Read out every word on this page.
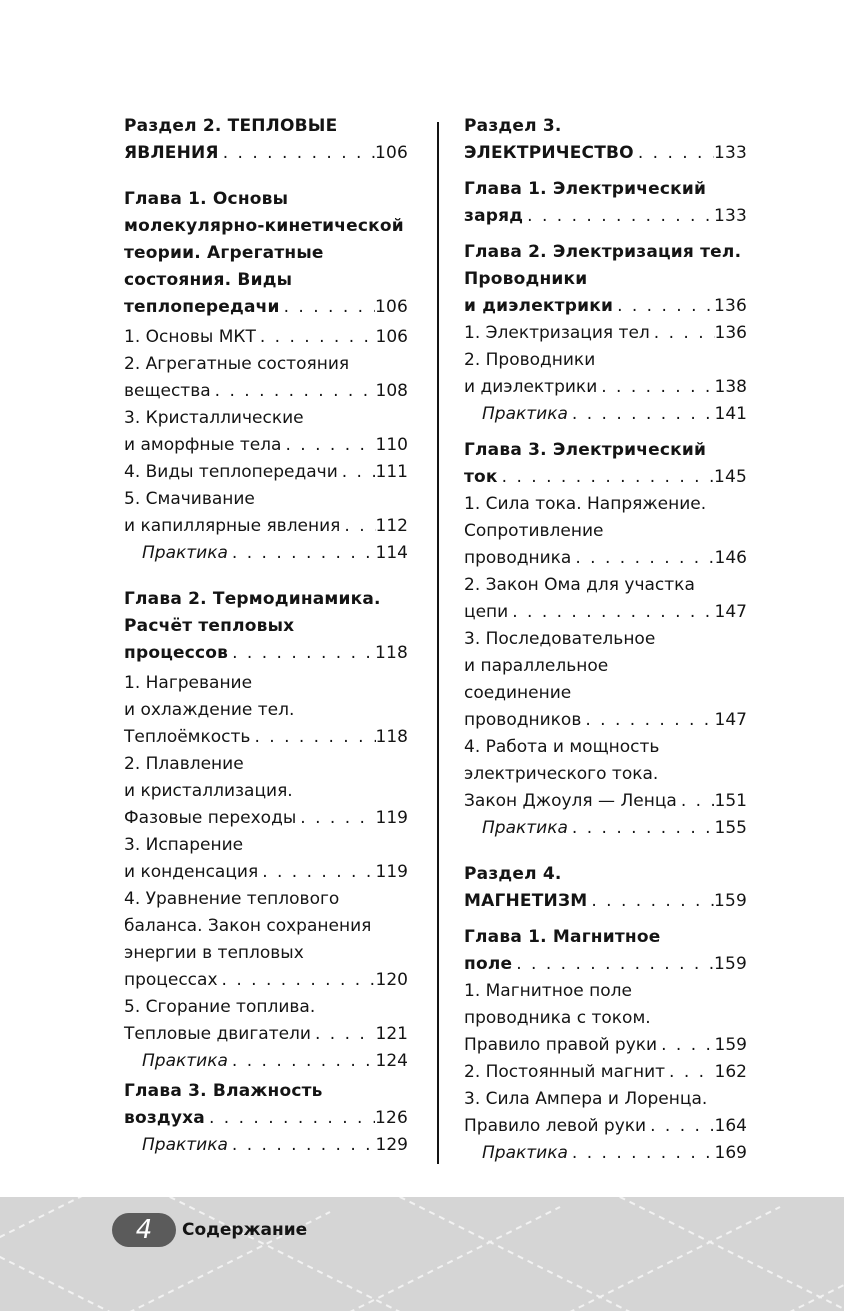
Раздел 2. ТЕПЛОВЫЕ
ЯВЛЕНИЯ . . .	106
Глава 1. Основы
молекулярно-кинетической
теории. Агрегатные
состояния. Виды
теплопередачи . . .	106
1. Основы МКТ . . .	106
2. Агрегатные состояния
вещества . . .	108
3. Кристаллические
и аморфные тела . . .	110
4. Виды теплопередачи . . . 111
5. Смачивание
и капиллярные явления . . . 112
Практика . . .	114
Глава 2. Термодинамика.
Расчёт тепловых
процессов . . .	118
1. Нагревание
и охлаждение тел.
Теплоёмкость . . .	118
2. Плавление
и кристаллизация.
Фазовые переходы . . .	119
3. Испарение
и конденсация . . .	119
4. Уравнение теплового
баланса. Закон сохранения
энергии в тепловых
процессах . . .	120
5. Сгорание топлива.
Тепловые двигатели . . .	121
Практика . . .	124
Глава 3. Влажность
воздуха . . .	126
Практика . . .	129
Раздел 3.
ЭЛЕКТРИЧЕСТВО . . .	133
Глава 1. Электрический
заряд . . .	133
Глава 2. Электризация тел.
Проводники
и диэлектрики . . .	136
1. Электризация тел . . .	136
2. Проводники
и диэлектрики . . .	138
Практика . . .	141
Глава 3. Электрический
ток . . .	145
1. Сила тока. Напряжение.
Сопротивление
проводника . . .	146
2. Закон Ома для участка
цепи . . .	147
3. Последовательное
и параллельное
соединение
проводников . . .	147
4. Работа и мощность
электрического тока.
Закон Джоуля — Ленца . . . 151
Практика . . .	155
Раздел 4.
МАГНЕТИЗМ . . .	159
Глава 1. Магнитное
поле . . .	159
1. Магнитное поле
проводника с током.
Правило правой руки . . .	159
2. Постоянный магнит . . .	162
3. Сила Ампера и Лоренца.
Правило левой руки . . .	164
Практика . . .	169
4	Содержание
